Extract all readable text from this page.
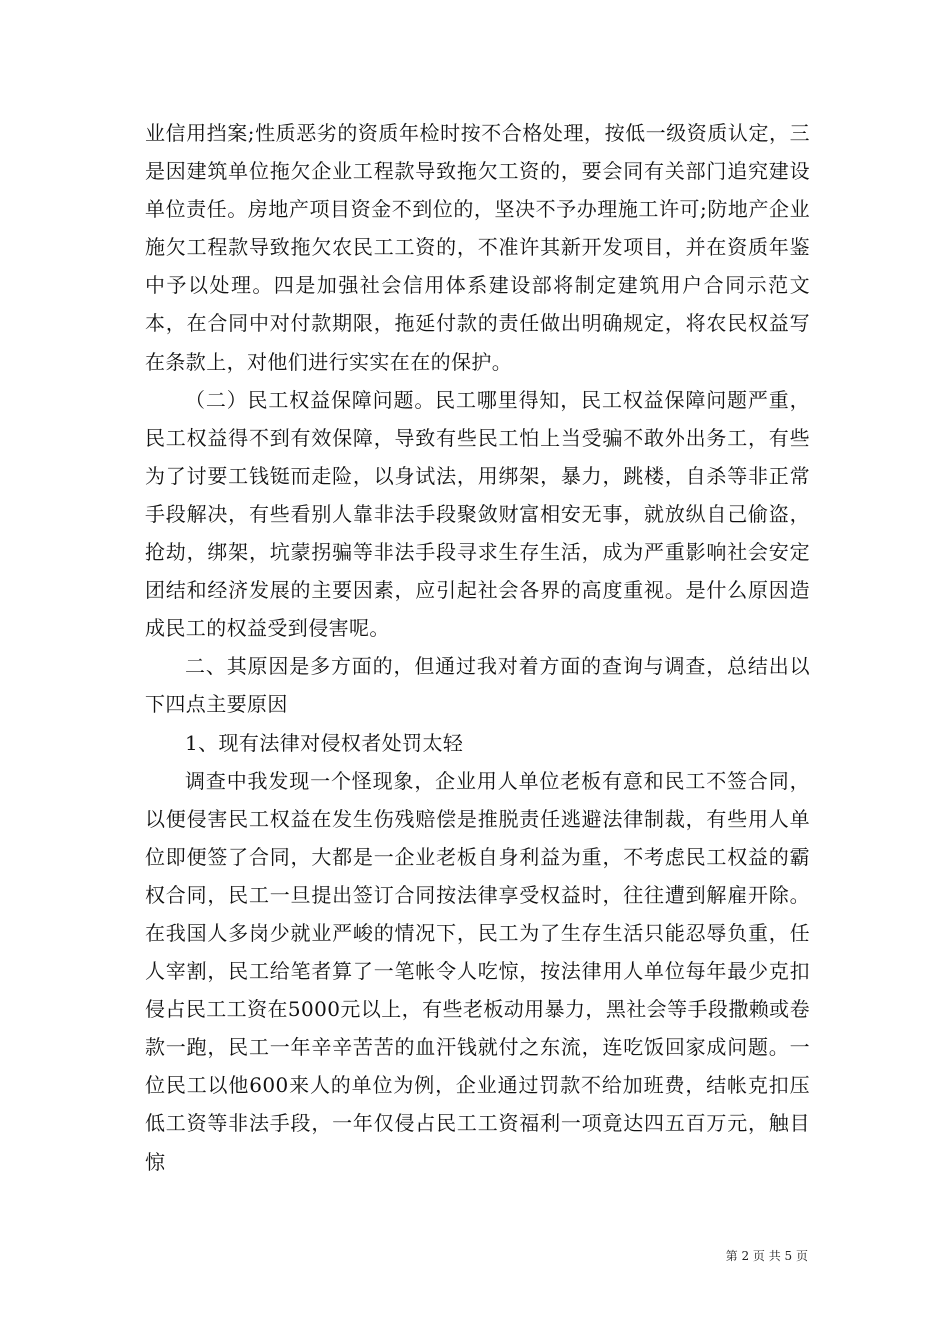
业信用挡案;性质恶劣的资质年检时按不合格处理，按低一级资质认定，三是因建筑单位拖欠企业工程款导致拖欠工资的，要会同有关部门追究建设单位责任。房地产项目资金不到位的，坚决不予办理施工许可;防地产企业施欠工程款导致拖欠农民工工资的，不准许其新开发项目，并在资质年鉴中予以处理。四是加强社会信用体系建设部将制定建筑用户合同示范文本，在合同中对付款期限，拖延付款的责任做出明确规定，将农民权益写在条款上，对他们进行实实在在的保护。

（二）民工权益保障问题。民工哪里得知，民工权益保障问题严重，民工权益得不到有效保障，导致有些民工怕上当受骗不敢外出务工，有些为了讨要工钱铤而走险，以身试法，用绑架，暴力，跳楼，自杀等非正常手段解决，有些看别人靠非法手段聚敛财富相安无事，就放纵自己偷盗，抢劫，绑架，坑蒙拐骗等非法手段寻求生存生活，成为严重影响社会安定团结和经济发展的主要因素，应引起社会各界的高度重视。是什么原因造成民工的权益受到侵害呢。

二、其原因是多方面的，但通过我对着方面的查询与调查，总结出以下四点主要原因

1、现有法律对侵权者处罚太轻

调查中我发现一个怪现象，企业用人单位老板有意和民工不签合同，以便侵害民工权益在发生伤残赔偿是推脱责任逃避法律制裁，有些用人单位即便签了合同，大都是一企业老板自身利益为重，不考虑民工权益的霸权合同，民工一旦提出签订合同按法律享受权益时，往往遭到解雇开除。在我国人多岗少就业严峻的情况下，民工为了生存生活只能忍辱负重，任人宰割，民工给笔者算了一笔帐令人吃惊，按法律用人单位每年最少克扣侵占民工工资在5000元以上，有些老板动用暴力，黑社会等手段撒赖或卷款一跑，民工一年辛辛苦苦的血汗钱就付之东流，连吃饭回家成问题。一位民工以他600来人的单位为例，企业通过罚款不给加班费，结帐克扣压低工资等非法手段，一年仅侵占民工工资福利一项竟达四五百万元，触目惊

第 2 页 共 5 页
